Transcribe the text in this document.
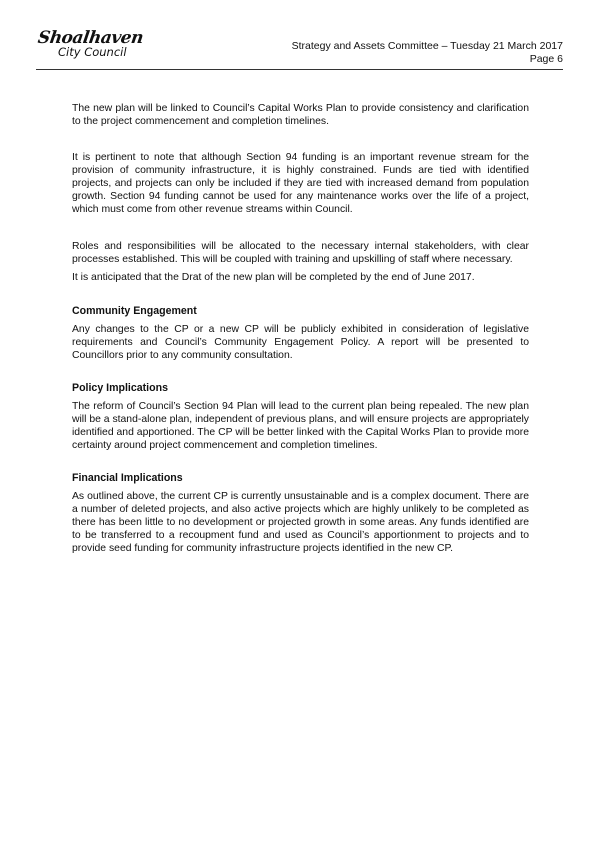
Shoalhaven
City Council	Strategy and Assets Committee – Tuesday 21 March 2017
Page 6

The new plan will be linked to Council’s Capital Works Plan to provide consistency and clarification to the project commencement and completion timelines.

It is pertinent to note that although Section 94 funding is an important revenue stream for the provision of community infrastructure, it is highly constrained. Funds are tied with identified projects, and projects can only be included if they are tied with increased demand from population growth. Section 94 funding cannot be used for any maintenance works over the life of a project, which must come from other revenue streams within Council.

Roles and responsibilities will be allocated to the necessary internal stakeholders, with clear processes established. This will be coupled with training and upskilling of staff where necessary.

It is anticipated that the Drat of the new plan will be completed by the end of June 2017.

Community Engagement

Any changes to the CP or a new CP will be publicly exhibited in consideration of legislative requirements and Council’s Community Engagement Policy. A report will be presented to Councillors prior to any community consultation.

Policy Implications

The reform of Council’s Section 94 Plan will lead to the current plan being repealed. The new plan will be a stand-alone plan, independent of previous plans, and will ensure projects are appropriately identified and apportioned. The CP will be better linked with the Capital Works Plan to provide more certainty around project commencement and completion timelines.

Financial Implications

As outlined above, the current CP is currently unsustainable and is a complex document. There are a number of deleted projects, and also active projects which are highly unlikely to be completed as there has been little to no development or projected growth in some areas. Any funds identified are to be transferred to a recoupment fund and used as Council’s apportionment to projects and to provide seed funding for community infrastructure projects identified in the new CP.
